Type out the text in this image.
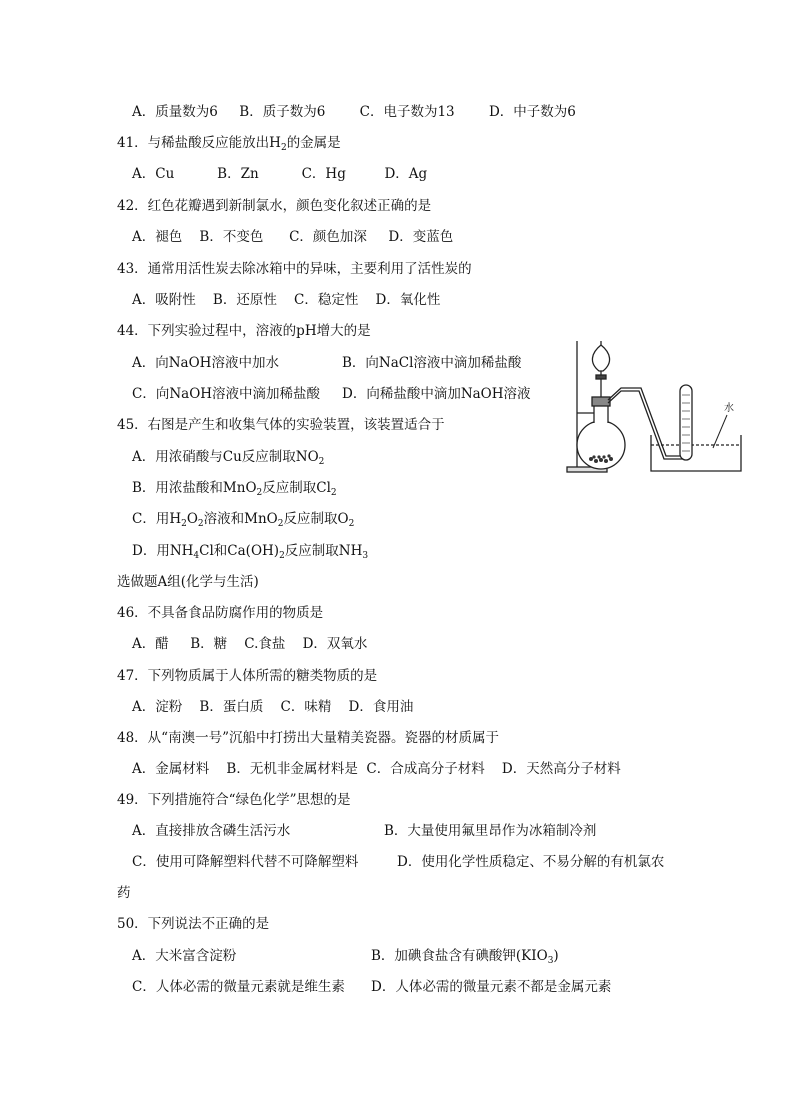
A．质量数为6     B．质子数为6        C．电子数为13        D．中子数为6
41．与稀盐酸反应能放出$H_2$的金属是
A．Cu          B．Zn          C．Hg         D．Ag
42．红色花瓣遇到新制氯水，颜色变化叙述正确的是
A．褪色    B．不变色      C．颜色加深     D．变蓝色
43．通常用活性炭去除冰箱中的异味，主要利用了活性炭的
A．吸附性    B．还原性    C．稳定性    D．氧化性
44．下列实验过程中，溶液的pH增大的是
A．向NaOH溶液中加水	B．向NaCl溶液中滴加稀盐酸
C．向NaOH溶液中滴加稀盐酸 D．向稀盐酸中滴加NaOH溶液
45．右图是产生和收集气体的实验装置，该装置适合于
A．用浓硝酸与Cu反应制取$NO_2$
B．用浓盐酸和MnO$_2$反应制取$Cl_2$
C．用$H_2O_2$溶液和MnO$_2$反应制取$O_2$
D．用$NH_4Cl$和$Ca(OH)_2$反应制取$NH_3$
选做题A组(化学与生活)
46．不具备食品防腐作用的物质是
A．醋     B．糖    C.食盐    D．双氧水
47．下列物质属于人体所需的糖类物质的是
A．淀粉    B．蛋白质    C．味精    D．食用油
48．从“南澳一号”沉船中打捞出大量精美瓷器。瓷器的材质属于
A．金属材料    B．无机非金属材料是  C．合成高分子材料    D．天然高分子材料
49．下列措施符合“绿色化学”思想的是
A．直接排放含磷生活污水	B．大量使用氟里昂作为冰箱制冷剂
C．使用可降解塑料代替不可降解塑料	D．使用化学性质稳定、不易分解的有机氯农
药
50．下列说法不正确的是
A．大米富含淀粉	B．加碘食盐含有碘酸钾$(KIO_3)$
C．人体必需的微量元素就是维生素 D．人体必需的微量元素不都是金属元素
水
